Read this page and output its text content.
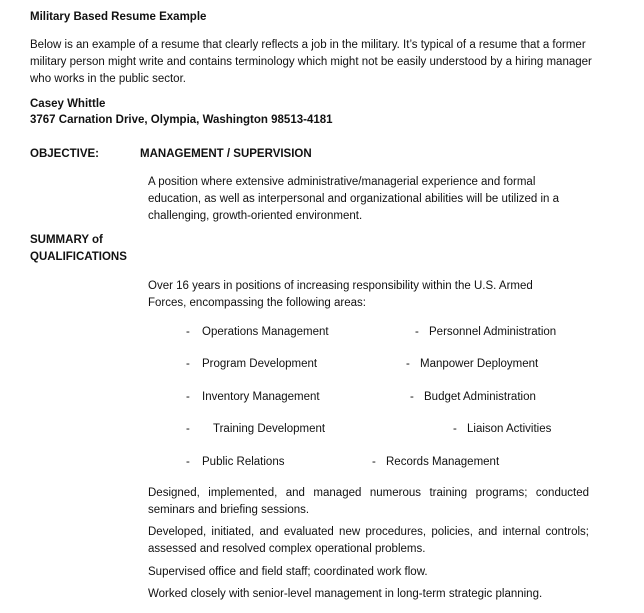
Military Based Resume Example
Below is an example of a resume that clearly reflects a job in the military. It’s typical of a resume that a former military person might write and contains terminology which might not be easily understood by a hiring manager who works in the public sector.
Casey Whittle
3767 Carnation Drive, Olympia, Washington 98513-4181
OBJECTIVE:	MANAGEMENT / SUPERVISION
A position where extensive administrative/managerial experience and formal education, as well as interpersonal and organizational abilities will be utilized in a challenging, growth-oriented environment.
SUMMARY of
QUALIFICATIONS
Over 16 years in positions of increasing responsibility within the U.S. Armed Forces, encompassing the following areas:
- Operations Management	- Personnel Administration
- Program Development	- Manpower Deployment
- Inventory Management	- Budget Administration
- Training Development	- Liaison Activities
- Public Relations	- Records Management
Designed, implemented, and managed numerous training programs; conducted seminars and briefing sessions.
Developed, initiated, and evaluated new procedures, policies, and internal controls; assessed and resolved complex operational problems.
Supervised office and field staff; coordinated work flow.
Worked closely with senior-level management in long-term strategic planning.
